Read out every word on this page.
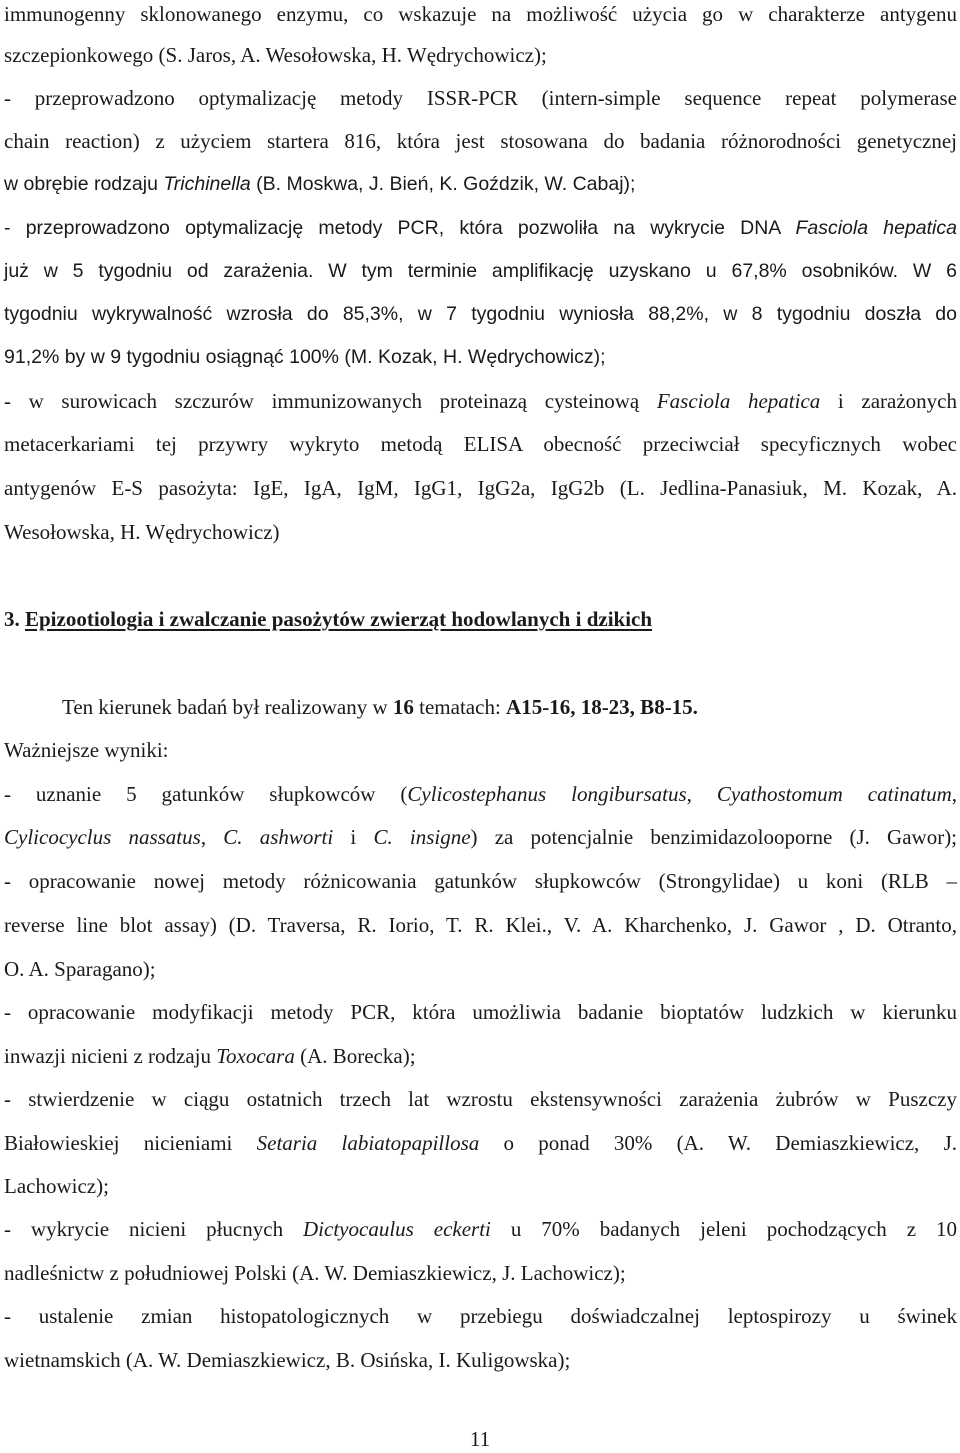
immunogenny sklonowanego enzymu, co wskazuje na możliwość użycia go w charakterze antygenu
szczepionkowego (S. Jaros, A. Wesołowska, H. Wędrychowicz);
- przeprowadzono optymalizację metody ISSR-PCR (intern-simple sequence repeat polymerase
chain reaction) z użyciem startera 816, która jest stosowana do badania różnorodności genetycznej
w obrębie rodzaju Trichinella (B. Moskwa, J. Bień, K. Goździk, W. Cabaj);
- przeprowadzono optymalizację metody PCR, która pozwoliła na wykrycie DNA Fasciola hepatica
już w 5 tygodniu od zarażenia. W tym terminie amplifikację uzyskano u 67,8% osobników. W 6
tygodniu wykrywalność wzrosła do 85,3%, w 7 tygodniu wyniosła 88,2%, w 8 tygodniu doszła do
91,2% by w 9 tygodniu osiągnąć 100% (M. Kozak, H. Wędrychowicz);
- w surowicach szczurów immunizowanych proteinazą cysteinową Fasciola hepatica i zarażonych
metacerkariami tej przywry wykryto metodą ELISA obecność przeciwciał specyficznych wobec
antygenów E-S pasożyta: IgE, IgA, IgM, IgG1, IgG2a, IgG2b (L. Jedlina-Panasiuk, M. Kozak, A.
Wesołowska, H. Wędrychowicz)
3. Epizootiologia i zwalczanie pasożytów zwierząt hodowlanych i dzikich
Ten kierunek badań był realizowany w 16 tematach: A15-16, 18-23, B8-15.
Ważniejsze wyniki:
- uznanie 5 gatunków słupkowców (Cylicostephanus longibursatus, Cyathostomum catinatum,
Cylicocyclus nassatus, C. ashworti i C. insigne) za potencjalnie benzimidazolooporne (J. Gawor);
- opracowanie nowej metody różnicowania gatunków słupkowców (Strongylidae) u koni (RLB –
reverse line blot assay) (D. Traversa, R. Iorio, T. R. Klei., V. A. Kharchenko, J. Gawor , D. Otranto,
O. A. Sparagano);
- opracowanie modyfikacji metody PCR, która umożliwia badanie bioptatów ludzkich w kierunku
inwazji nicieni z rodzaju Toxocara (A. Borecka);
- stwierdzenie w ciągu ostatnich trzech lat wzrostu ekstensywności zarażenia żubrów w Puszczy
Białowieskiej nicieniami Setaria labiatopapillosa o ponad 30% (A. W. Demiaszkiewicz, J.
Lachowicz);
- wykrycie nicieni płucnych Dictyocaulus eckerti u 70% badanych jeleni pochodzących z 10
nadleśnictw z południowej Polski (A. W. Demiaszkiewicz, J. Lachowicz);
- ustalenie zmian histopatologicznych w przebiegu doświadczalnej leptospirozy u świnek
wietnamskich (A. W. Demiaszkiewicz, B. Osińska, I. Kuligowska);
11
